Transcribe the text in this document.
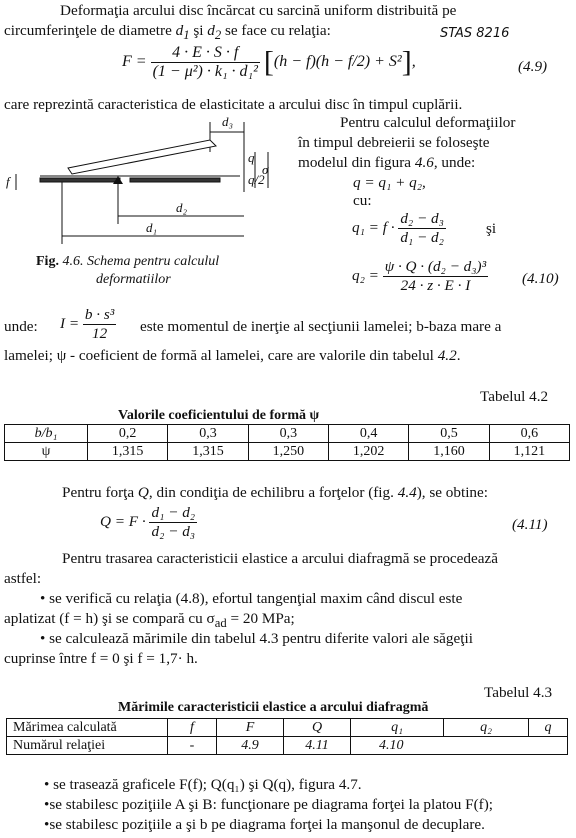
Deformaţia arcului disc încărcat cu sarcină uniform distribuită pe
circumferinţele de diametre $d_1$ şi $d_2$ se face cu relaţia:	STAS 8216
$F = \frac{4 \cdot E \cdot S \cdot f}{\text{(1 − μ²) · k₁ · d₁²}} [(h - f)(h - f/2) + S^2]$,	(4.9)
care reprezintă caracteristica de elasticitate a arcului disc în timpul cuplării.
d₃
d₂
d₁
q
q/2
σ
f
Fig. 4.6. Schema pentru calculul
deformatiilor
Pentru calculul deformaţiilor
în timpul debreierii se foloseşte
modelul din figura 4.6, unde:
q = q₁ + q₂,
cu:
$q_1 = f \cdot \frac{\text{d₂ − d₃}}{\text{d₁ − d₂}}$	şi
$q_2 = \frac{\text{ψ · Q · (d₂ − d₃)³}}{24 \cdot z \cdot E \cdot I} (4.10)$
unde: $I = \frac{\text{b · s³}}{12}$ este momentul de inerţie al secţiunii lamelei; b-baza mare a
lamelei; ψ - coeficient de formă al lamelei, care are valorile din tabelul 4.2.
Tabelul 4.2
Valorile coeficientului de formă ψ
b/b₁	0,2	0,3	0,3	0,4	0,5	0,6
ψ	1,315	1,315	1,250	1,202	1,160	1,121
Pentru forţa Q, din condiţia de echilibru a forţelor (fig. 4.4), se obtine:
$Q = F \cdot \frac{\text{d₁ − d₂}}{\text{d₂ − d₃}}$	(4.11)
Pentru trasarea caracteristicii elastice a arcului diafragmă se procedează
astfel:
• se verifică cu relaţia (4.8), efortul tangenţial maxim când discul este
aplatizat (f = h) şi se compară cu $\sigma_{ad} = 20$ MPa;
• se calculează mărimile din tabelul 4.3 pentru diferite valori ale săgeţii
cuprinse între f = 0 şi f = 1,7· h.
Tabelul 4.3
Mărimile caracteristicii elastice a arcului diafragmă
Mărimea calculată	f	F	Q	q₁	q₂	q
Numărul relaţiei	-	4.9	4.11	4.10		
• se trasează graficele F(f); Q(q₁) şi Q(q), figura 4.7.
•se stabilesc poziţiile A şi B: funcţionare pe diagrama forţei la platou F(f);
•se stabilesc poziţiile a şi b pe diagrama forţei la manşonul de decuplare.
